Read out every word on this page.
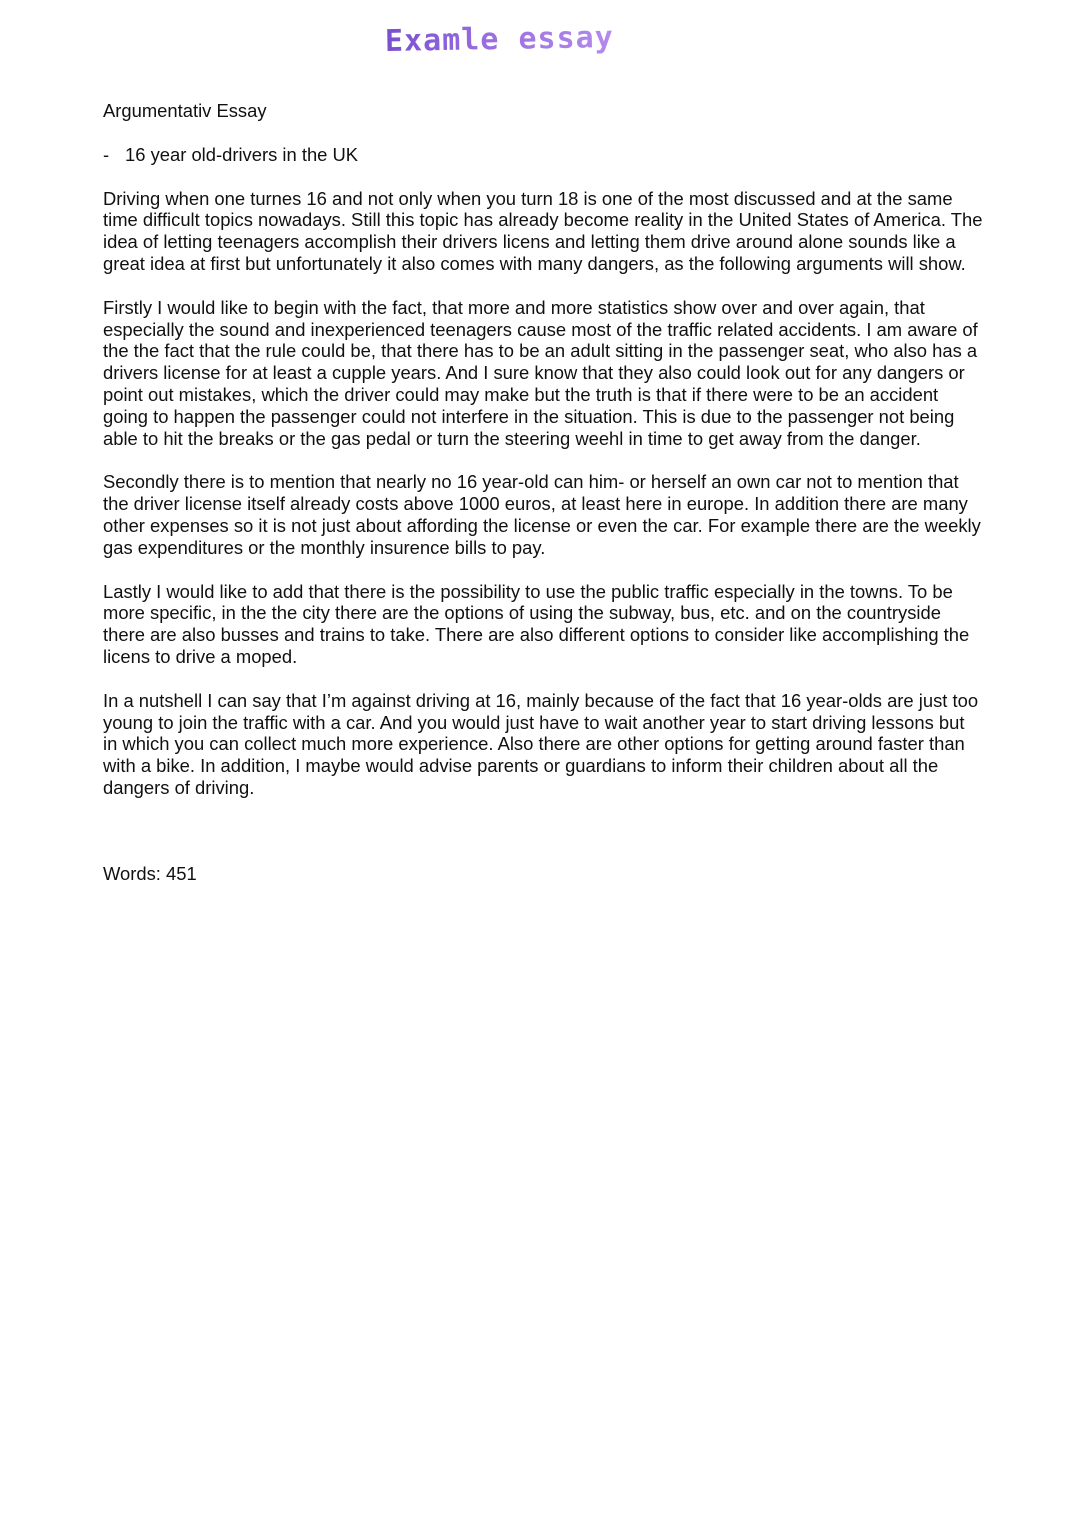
Examle essay
Argumentativ Essay
- 16 year old-drivers in the UK

Driving when one turnes 16 and not only when you turn 18 is one of the most discussed and at the same time difficult topics nowadays. Still this topic has already become reality in the United States of America. The idea of letting teenagers accomplish their drivers licens and letting them drive around alone sounds like a great idea at first but unfortunately it also comes with many dangers, as the following arguments will show.

Firstly I would like to begin with the fact, that more and more statistics show over and over again, that especially the sound and inexperienced teenagers cause most of the traffic related accidents. I am aware of the the fact that the rule could be, that there has to be an adult sitting in the passenger seat, who also has a drivers license for at least a cupple years. And I sure know that they also could look out for any dangers or point out mistakes, which the driver could may make but the truth is that if there were to be an accident going to happen the passenger could not interfere in the situation. This is due to the passenger not being able to hit the breaks or the gas pedal or turn the steering weehl in time to get away from the danger.

Secondly there is to mention that nearly no 16 year-old can him- or herself an own car not to mention that the driver license itself already costs above 1000 euros, at least here in europe. In addition there are many other expenses so it is not just about affording the license or even the car. For example there are the weekly gas expenditures or the monthly insurence bills to pay.

Lastly I would like to add that there is the possibility to use the public traffic especially in the towns. To be more specific, in the the city there are the options of using the subway, bus, etc. and on the countryside there are also busses and trains to take. There are also different options to consider like accomplishing the licens to drive a moped.

In a nutshell I can say that I’m against driving at 16, mainly because of the fact that 16 year-olds are just too young to join the traffic with a car. And you would just have to wait another year to start driving lessons but in which you can collect much more experience. Also there are other options for getting around faster than with a bike. In addition, I maybe would advise parents or guardians to inform their children about all the dangers of driving.

Words: 451
